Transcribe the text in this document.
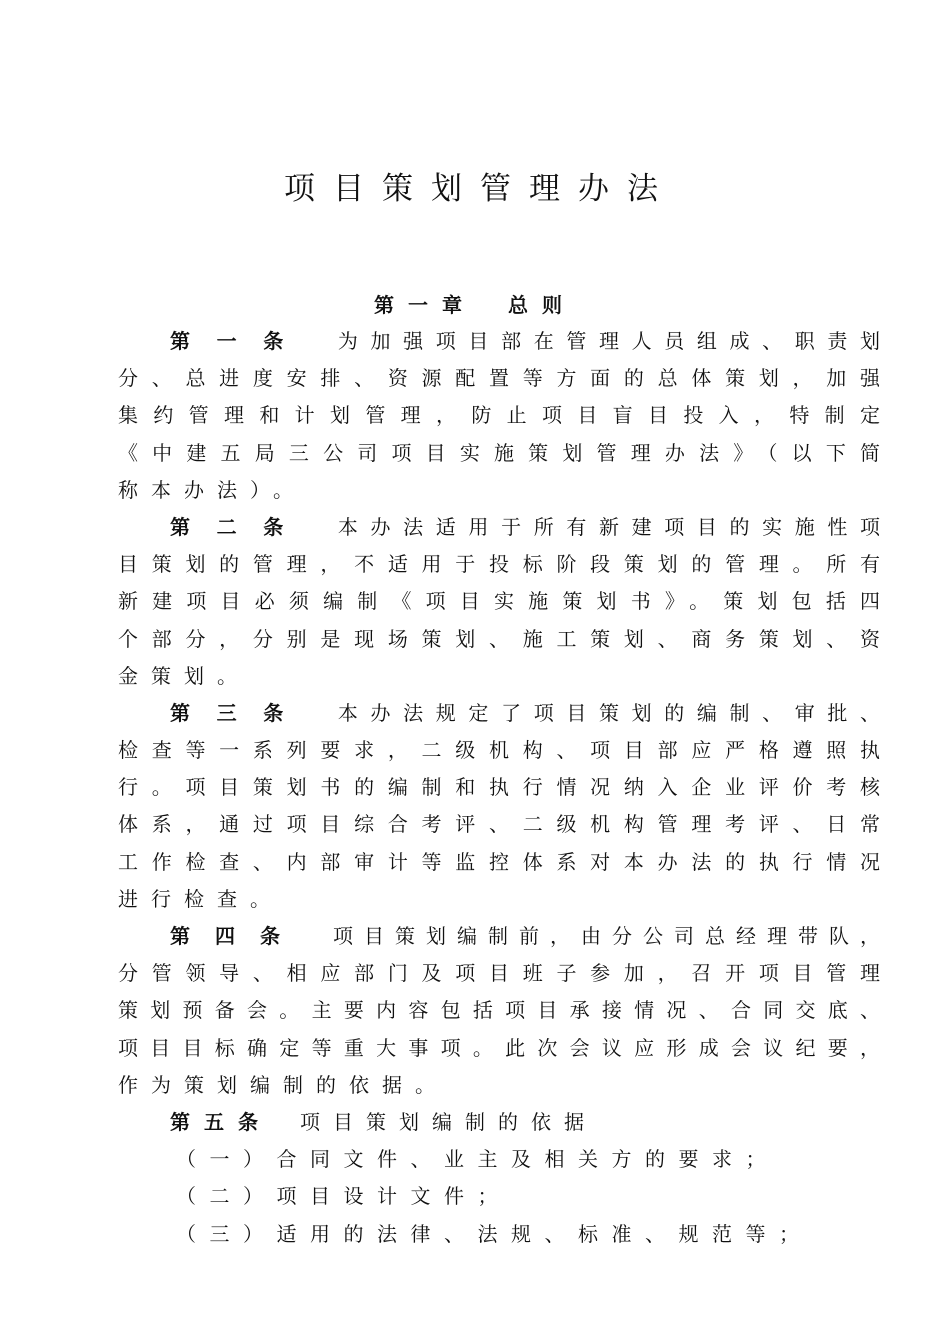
项目策划管理办法
第一章 总则
第一条 为加强项目部在管理人员组成、职责划
分、总进度安排、资源配置等方面的总体策划，加强
集约管理和计划管理，防止项目盲目投入，特制定
《中建五局三公司项目实施策划管理办法》（以下简
称本办法）。
第二条 本办法适用于所有新建项目的实施性项
目策划的管理，不适用于投标阶段策划的管理。所有
新建项目必须编制《项目实施策划书》。策划包括四
个部分，分别是现场策划、施工策划、商务策划、资
金策划。
第三条 本办法规定了项目策划的编制、审批、
检查等一系列要求，二级机构、项目部应严格遵照执
行。项目策划书的编制和执行情况纳入企业评价考核
体系，通过项目综合考评、二级机构管理考评、日常
工作检查、内部审计等监控体系对本办法的执行情况
进行检查。
第四条 项目策划编制前，由分公司总经理带队，
分管领导、相应部门及项目班子参加，召开项目管理
策划预备会。主要内容包括项目承接情况、合同交底、
项目目标确定等重大事项。此次会议应形成会议纪要，
作为策划编制的依据。
第五条 项目策划编制的依据
（一）合同文件、业主及相关方的要求；
（二）项目设计文件；
（三）适用的法律、法规、标准、规范等；
